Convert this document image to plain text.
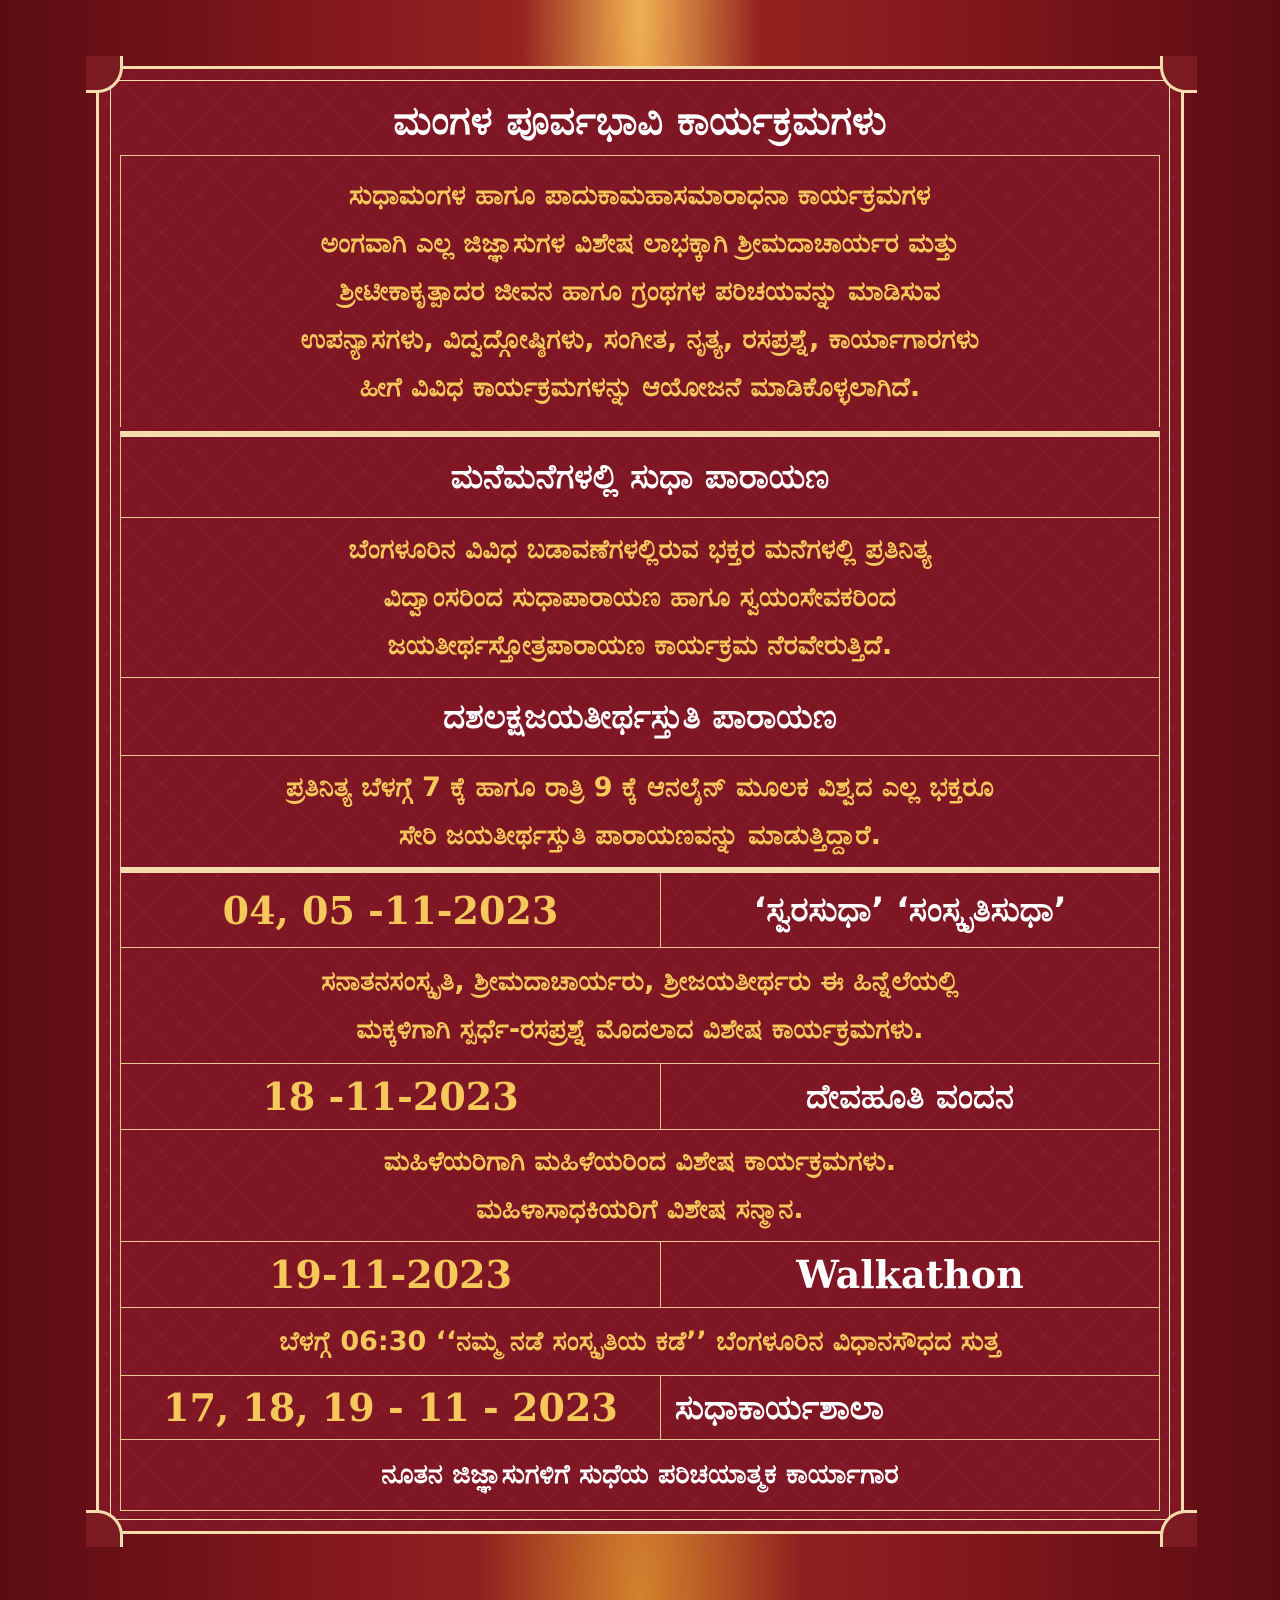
ಮಂಗಳ ಪೂರ್ವಭಾವಿ ಕಾರ್ಯಕ್ರಮಗಳು
ಸುಧಾಮಂಗಳ ಹಾಗೂ ಪಾದುಕಾಮಹಾಸಮಾರಾಧನಾ ಕಾರ್ಯಕ್ರಮಗಳ
ಅಂಗವಾಗಿ ಎಲ್ಲ ಜಿಜ್ಞಾಸುಗಳ ವಿಶೇಷ ಲಾಭಕ್ಕಾಗಿ ಶ್ರೀಮದಾಚಾರ್ಯರ ಮತ್ತು
ಶ್ರೀಟೀಕಾಕೃತ್ಪಾದರ ಜೀವನ ಹಾಗೂ ಗ್ರಂಥಗಳ ಪರಿಚಯವನ್ನು ಮಾಡಿಸುವ
ಉಪನ್ಯಾಸಗಳು, ವಿದ್ವದ್ಗೋಷ್ಠಿಗಳು, ಸಂಗೀತ, ನೃತ್ಯ, ರಸಪ್ರಶ್ನೆ, ಕಾರ್ಯಾಗಾರಗಳು
ಹೀಗೆ ವಿವಿಧ ಕಾರ್ಯಕ್ರಮಗಳನ್ನು ಆಯೋಜನೆ ಮಾಡಿಕೊಳ್ಳಲಾಗಿದೆ.
ಮನೆಮನೆಗಳಲ್ಲಿ ಸುಧಾ ಪಾರಾಯಣ
ಬೆಂಗಳೂರಿನ ವಿವಿಧ ಬಡಾವಣೆಗಳಲ್ಲಿರುವ ಭಕ್ತರ ಮನೆಗಳಲ್ಲಿ ಪ್ರತಿನಿತ್ಯ
ವಿದ್ವಾಂಸರಿಂದ ಸುಧಾಪಾರಾಯಣ ಹಾಗೂ ಸ್ವಯಂಸೇವಕರಿಂದ
ಜಯತೀರ್ಥಸ್ತೋತ್ರಪಾರಾಯಣ ಕಾರ್ಯಕ್ರಮ ನೆರವೇರುತ್ತಿದೆ.
ದಶಲಕ್ಷಜಯತೀರ್ಥಸ್ತುತಿ ಪಾರಾಯಣ
ಪ್ರತಿನಿತ್ಯ ಬೆಳಗ್ಗೆ 7 ಕ್ಕೆ ಹಾಗೂ ರಾತ್ರಿ 9 ಕ್ಕೆ ಆನಲೈನ್ ಮೂಲಕ ವಿಶ್ವದ ಎಲ್ಲ ಭಕ್ತರೂ
ಸೇರಿ ಜಯತೀರ್ಥಸ್ತುತಿ ಪಾರಾಯಣವನ್ನು ಮಾಡುತ್ತಿದ್ದಾರೆ.
04, 05 -11-2023	‘ಸ್ವರಸುಧಾ’ ‘ಸಂಸ್ಕೃತಿಸುಧಾ’
ಸನಾತನಸಂಸ್ಕೃತಿ, ಶ್ರೀಮದಾಚಾರ್ಯರು, ಶ್ರೀಜಯತೀರ್ಥರು ಈ ಹಿನ್ನೆಲೆಯಲ್ಲಿ
ಮಕ್ಕಳಿಗಾಗಿ ಸ್ಪರ್ಧೆ-ರಸಪ್ರಶ್ನೆ ಮೊದಲಾದ ವಿಶೇಷ ಕಾರ್ಯಕ್ರಮಗಳು.
18 -11-2023	ದೇವಹೂತಿ ವಂದನ
ಮಹಿಳೆಯರಿಗಾಗಿ ಮಹಿಳೆಯರಿಂದ ವಿಶೇಷ ಕಾರ್ಯಕ್ರಮಗಳು.
ಮಹಿಳಾಸಾಧಕಿಯರಿಗೆ ವಿಶೇಷ ಸನ್ಮಾನ.
19-11-2023	Walkathon
ಬೆಳಗ್ಗೆ 06:30 ‘‘ನಮ್ಮ ನಡೆ ಸಂಸ್ಕೃತಿಯ ಕಡೆ’’ ಬೆಂಗಳೂರಿನ ವಿಧಾನಸೌಧದ ಸುತ್ತ
17, 18, 19 - 11 - 2023	ಸುಧಾಕಾರ್ಯಶಾಲಾ
ನೂತನ ಜಿಜ್ಞಾಸುಗಳಿಗೆ ಸುಧೆಯ ಪರಿಚಯಾತ್ಮಕ ಕಾರ್ಯಾಗಾರ
